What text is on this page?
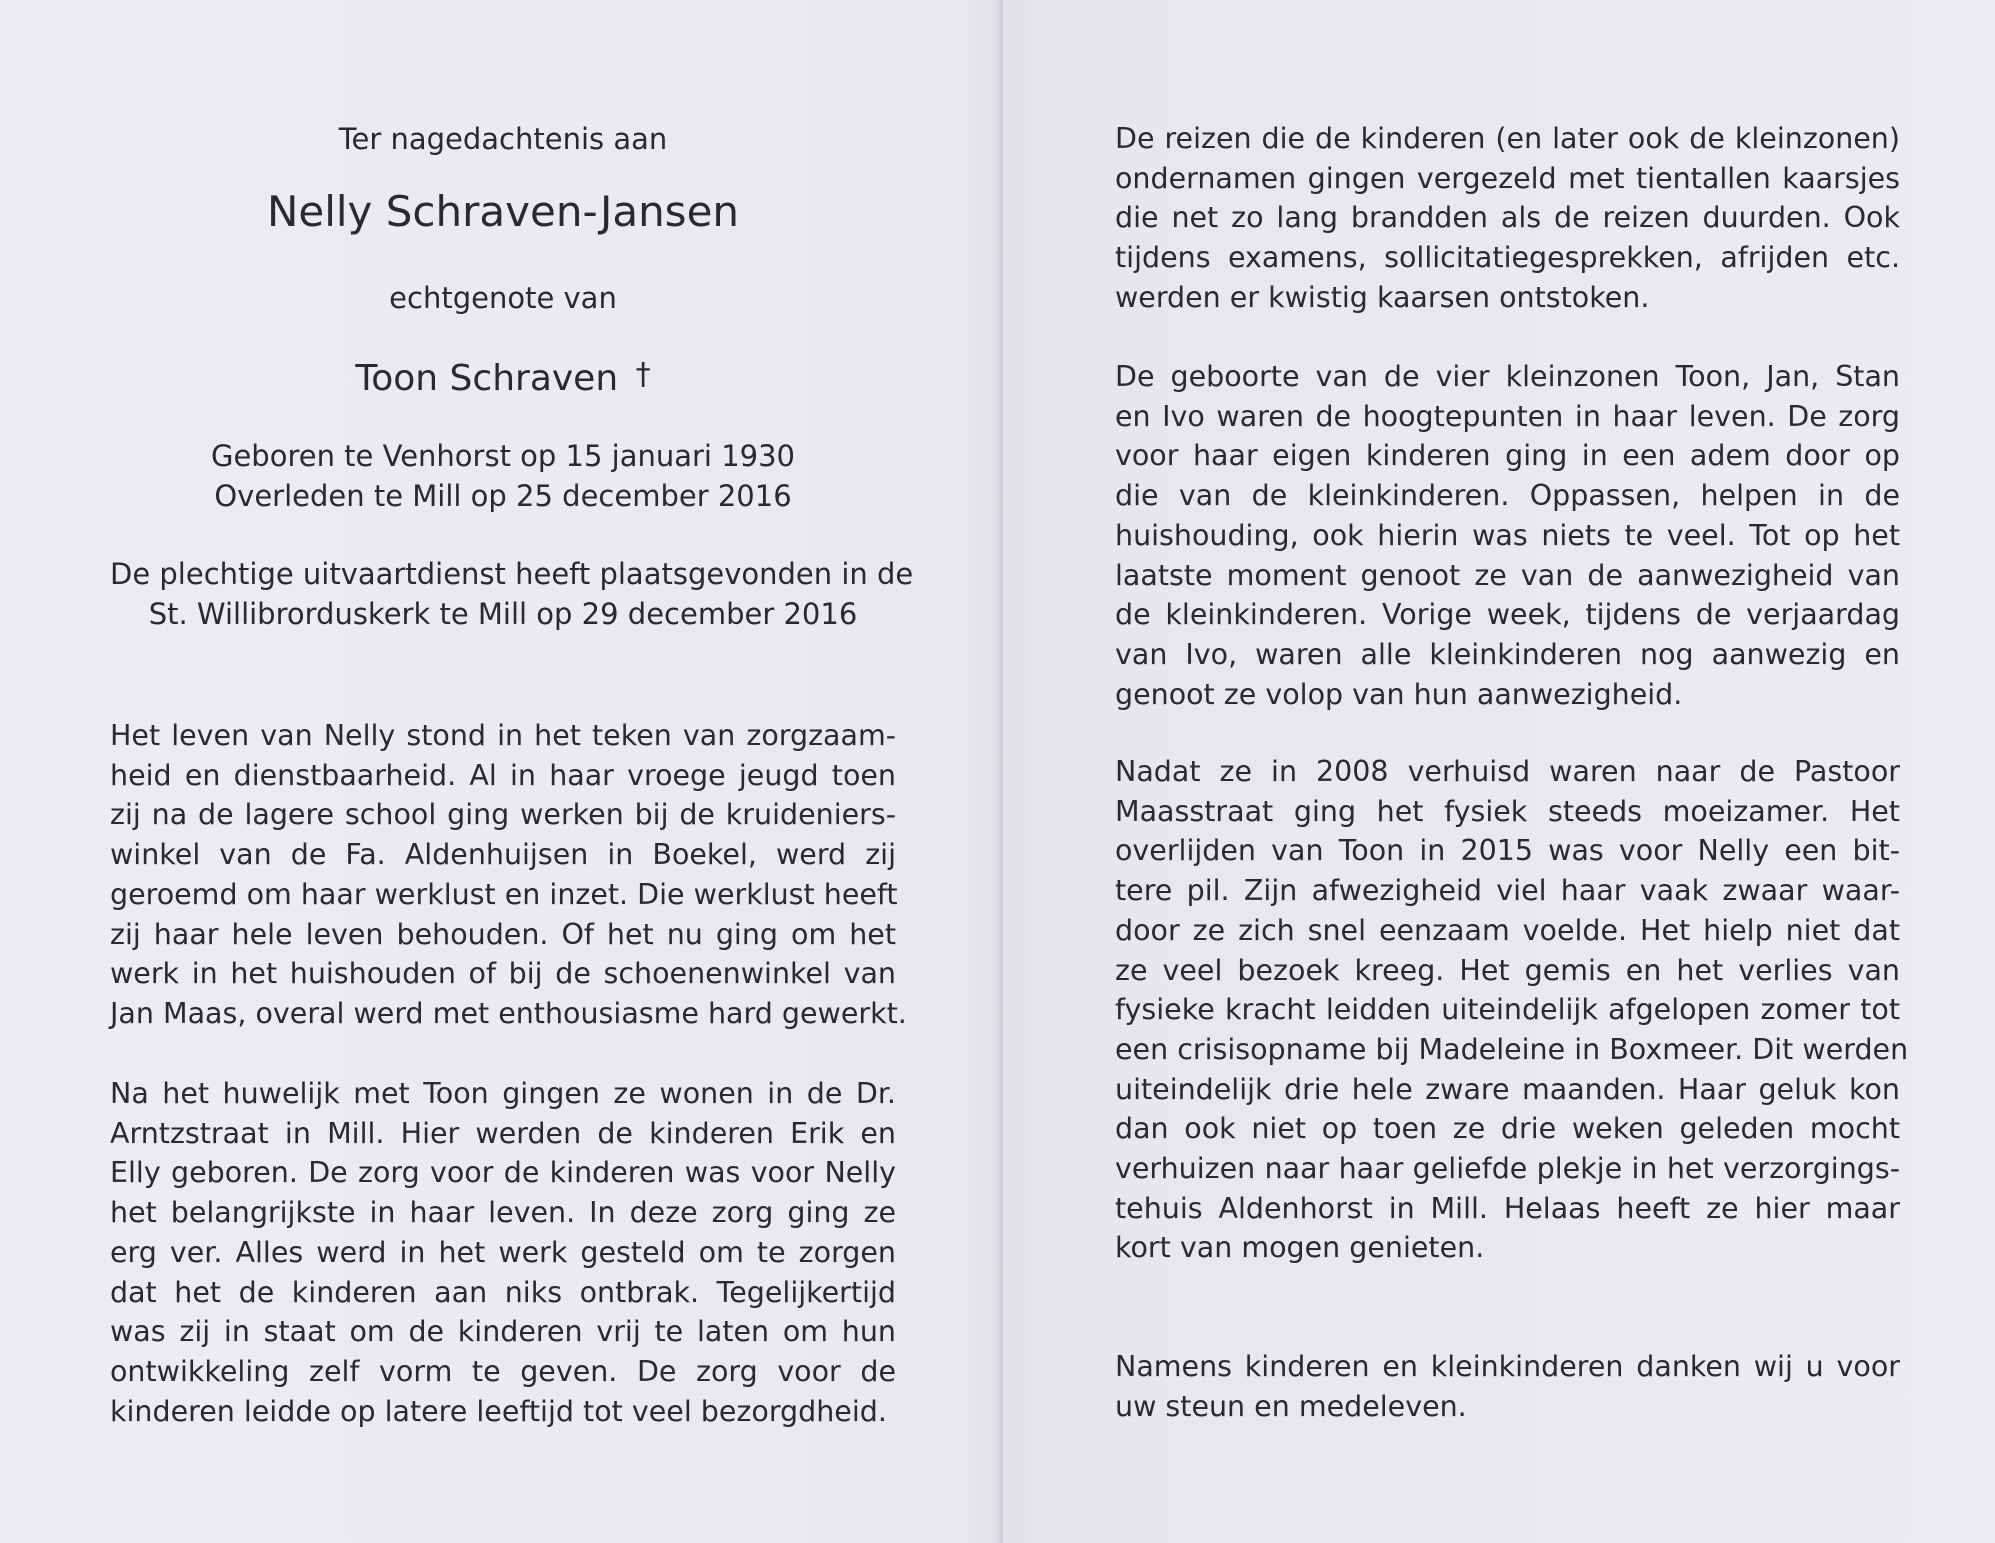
Ter nagedachtenis aan
Nelly Schraven-Jansen
echtgenote van
Toon Schraven †
Geboren te Venhorst op 15 januari 1930
Overleden te Mill op 25 december 2016
De plechtige uitvaartdienst heeft plaatsgevonden in de
St. Willibrorduskerk te Mill op 29 december 2016
Het leven van Nelly stond in het teken van zorgzaam-
heid en dienstbaarheid. Al in haar vroege jeugd toen
zij na de lagere school ging werken bij de kruideniers-
winkel van de Fa. Aldenhuijsen in Boekel, werd zij
geroemd om haar werklust en inzet. Die werklust heeft
zij haar hele leven behouden. Of het nu ging om het
werk in het huishouden of bij de schoenenwinkel van
Jan Maas, overal werd met enthousiasme hard gewerkt.
Na het huwelijk met Toon gingen ze wonen in de Dr.
Arntzstraat in Mill. Hier werden de kinderen Erik en
Elly geboren. De zorg voor de kinderen was voor Nelly
het belangrijkste in haar leven. In deze zorg ging ze
erg ver. Alles werd in het werk gesteld om te zorgen
dat het de kinderen aan niks ontbrak. Tegelijkertijd
was zij in staat om de kinderen vrij te laten om hun
ontwikkeling zelf vorm te geven. De zorg voor de
kinderen leidde op latere leeftijd tot veel bezorgdheid.
De reizen die de kinderen (en later ook de kleinzonen)
ondernamen gingen vergezeld met tientallen kaarsjes
die net zo lang brandden als de reizen duurden. Ook
tijdens examens, sollicitatiegesprekken, afrijden etc.
werden er kwistig kaarsen ontstoken.
De geboorte van de vier kleinzonen Toon, Jan, Stan
en Ivo waren de hoogtepunten in haar leven. De zorg
voor haar eigen kinderen ging in een adem door op
die van de kleinkinderen. Oppassen, helpen in de
huishouding, ook hierin was niets te veel. Tot op het
laatste moment genoot ze van de aanwezigheid van
de kleinkinderen. Vorige week, tijdens de verjaardag
van Ivo, waren alle kleinkinderen nog aanwezig en
genoot ze volop van hun aanwezigheid.
Nadat ze in 2008 verhuisd waren naar de Pastoor
Maasstraat ging het fysiek steeds moeizamer. Het
overlijden van Toon in 2015 was voor Nelly een bit-
tere pil. Zijn afwezigheid viel haar vaak zwaar waar-
door ze zich snel eenzaam voelde. Het hielp niet dat
ze veel bezoek kreeg. Het gemis en het verlies van
fysieke kracht leidden uiteindelijk afgelopen zomer tot
een crisisopname bij Madeleine in Boxmeer. Dit werden
uiteindelijk drie hele zware maanden. Haar geluk kon
dan ook niet op toen ze drie weken geleden mocht
verhuizen naar haar geliefde plekje in het verzorgings-
tehuis Aldenhorst in Mill. Helaas heeft ze hier maar
kort van mogen genieten.
Namens kinderen en kleinkinderen danken wij u voor
uw steun en medeleven.
